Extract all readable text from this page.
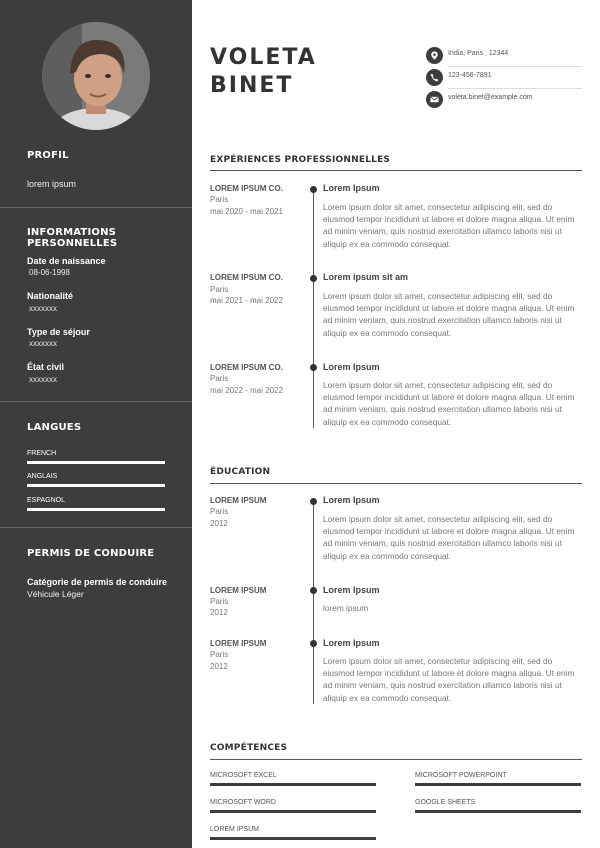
PROFIL
lorem ipsum
INFORMATIONS PERSONNELLES
Date de naissance
08-06-1998
Nationalité
xxxxxxx
Type de séjour
xxxxxxx
État civil
xxxxxxx
LANGUES
FRENCH
ANGLAIS
ESPAGNOL
PERMIS DE CONDUIRE
Catégorie de permis de conduire
Véhicule Léger
VOLETA
BINET
India, Paris , 12344
123-456-7891
voleta.binet@example.com
EXPÉRIENCES PROFESSIONNELLES
LOREM IPSUM CO.
Paris
mai 2020 - mai 2021
Lorem Ipsum
Lorem ipsum dolor sit amet, consectetur adipiscing elit, sed do eiusmod tempor incididunt ut labore et dolore magna aliqua. Ut enim ad minim veniam, quis nostrud exercitation ullamco laboris nisi ut aliquip ex ea commodo consequat.
LOREM IPSUM CO.
Paris
mai 2021 - mai 2022
Lorem ipsum sit am
Lorem ipsum dolor sit amet, consectetur adipiscing elit, sed do eiusmod tempor incididunt ut labore et dolore magna aliqua. Ut enim ad minim veniam, quis nostrud exercitation ullamco laboris nisi ut aliquip ex ea commodo consequat.
LOREM IPSUM CO.
Paris
mai 2022 - mai 2022
Lorem Ipsum
Lorem ipsum dolor sit amet, consectetur adipiscing elit, sed do eiusmod tempor incididunt ut labore et dolore magna aliqua. Ut enim ad minim veniam, quis nostrud exercitation ullamco laboris nisi ut aliquip ex ea commodo consequat.
ÉDUCATION
LOREM IPSUM
Paris
2012
Lorem Ipsum
Lorem ipsum dolor sit amet, consectetur adipiscing elit, sed do eiusmod tempor incididunt ut labore et dolore magna aliqua. Ut enim ad minim veniam, quis nostrud exercitation ullamco laboris nisi ut aliquip ex ea commodo consequat.
LOREM IPSUM
Paris
2012
Lorem Ipsum
lorem ipsum
LOREM IPSUM
Paris
2012
Lorem Ipsum
Lorem ipsum dolor sit amet, consectetur adipiscing elit, sed do eiusmod tempor incididunt ut labore et dolore magna aliqua. Ut enim ad minim veniam, quis nostrud exercitation ullamco laboris nisi ut aliquip ex ea commodo consequat.
COMPÉTENCES
MICROSOFT EXCEL	MICROSOFT POWERPOINT
MICROSOFT WORD	GOOGLE SHEETS
LOREM IPSUM
